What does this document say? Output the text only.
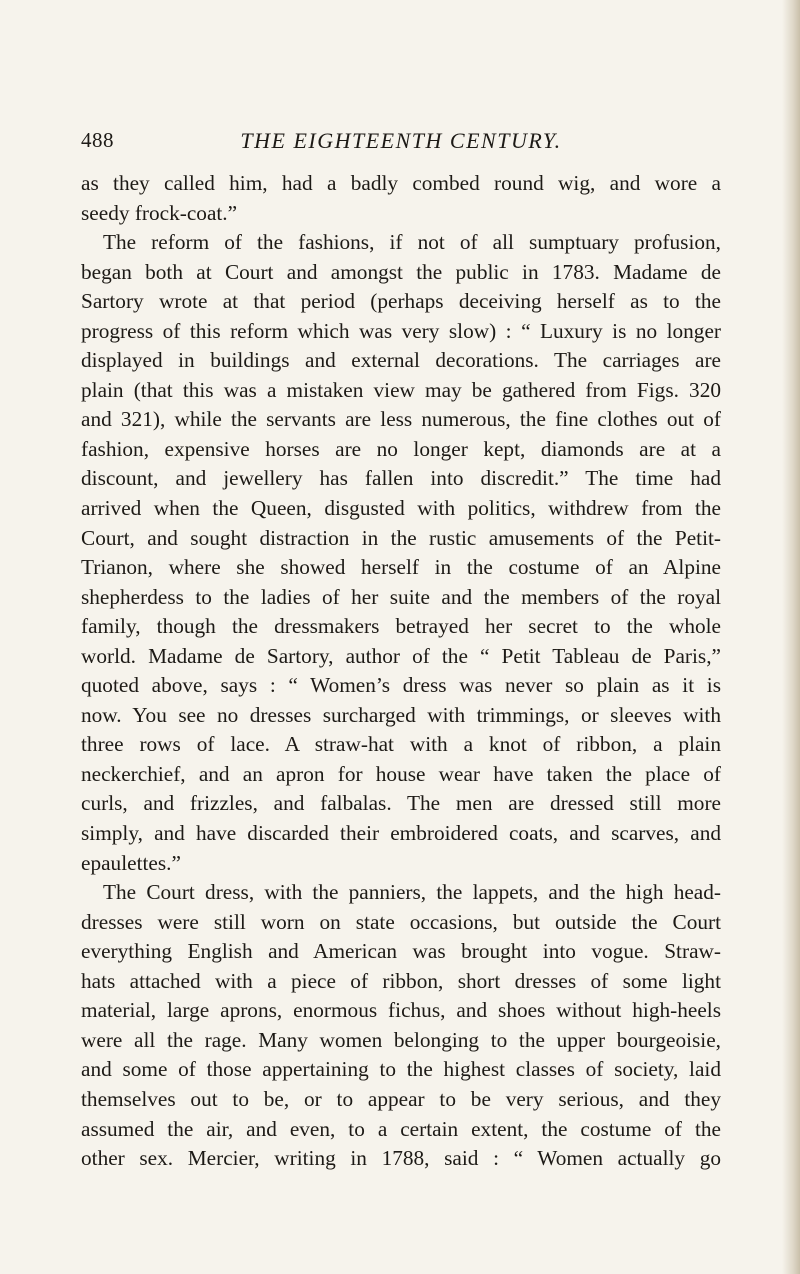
488	THE EIGHTEENTH CENTURY.

as they called him, had a badly combed round wig, and wore a

seedy frock-coat.”

The reform of the fashions, if not of all sumptuary profusion,

began both at Court and amongst the public in 1783. Madame de

Sartory wrote at that period (perhaps deceiving herself as to the

progress of this reform which was very slow) : “ Luxury is no longer

displayed in buildings and external decorations. The carriages are

plain (that this was a mistaken view may be gathered from Figs. 320

and 321), while the servants are less numerous, the fine clothes out of

fashion, expensive horses are no longer kept, diamonds are at a

discount, and jewellery has fallen into discredit.” The time had

arrived when the Queen, disgusted with politics, withdrew from the

Court, and sought distraction in the rustic amusements of the Petit-

Trianon, where she showed herself in the costume of an Alpine

shepherdess to the ladies of her suite and the members of the royal

family, though the dressmakers betrayed her secret to the whole

world. Madame de Sartory, author of the “ Petit Tableau de Paris,”

quoted above, says : “ Women’s dress was never so plain as it is

now. You see no dresses surcharged with trimmings, or sleeves with

three rows of lace. A straw-hat with a knot of ribbon, a plain

neckerchief, and an apron for house wear have taken the place of

curls, and frizzles, and falbalas. The men are dressed still more

simply, and have discarded their embroidered coats, and scarves, and

epaulettes.”

The Court dress, with the panniers, the lappets, and the high head-

dresses were still worn on state occasions, but outside the Court

everything English and American was brought into vogue. Straw-

hats attached with a piece of ribbon, short dresses of some light

material, large aprons, enormous fichus, and shoes without high-heels

were all the rage. Many women belonging to the upper bourgeoisie,

and some of those appertaining to the highest classes of society, laid

themselves out to be, or to appear to be very serious, and they

assumed the air, and even, to a certain extent, the costume of the

other sex. Mercier, writing in 1788, said : “ Women actually go
